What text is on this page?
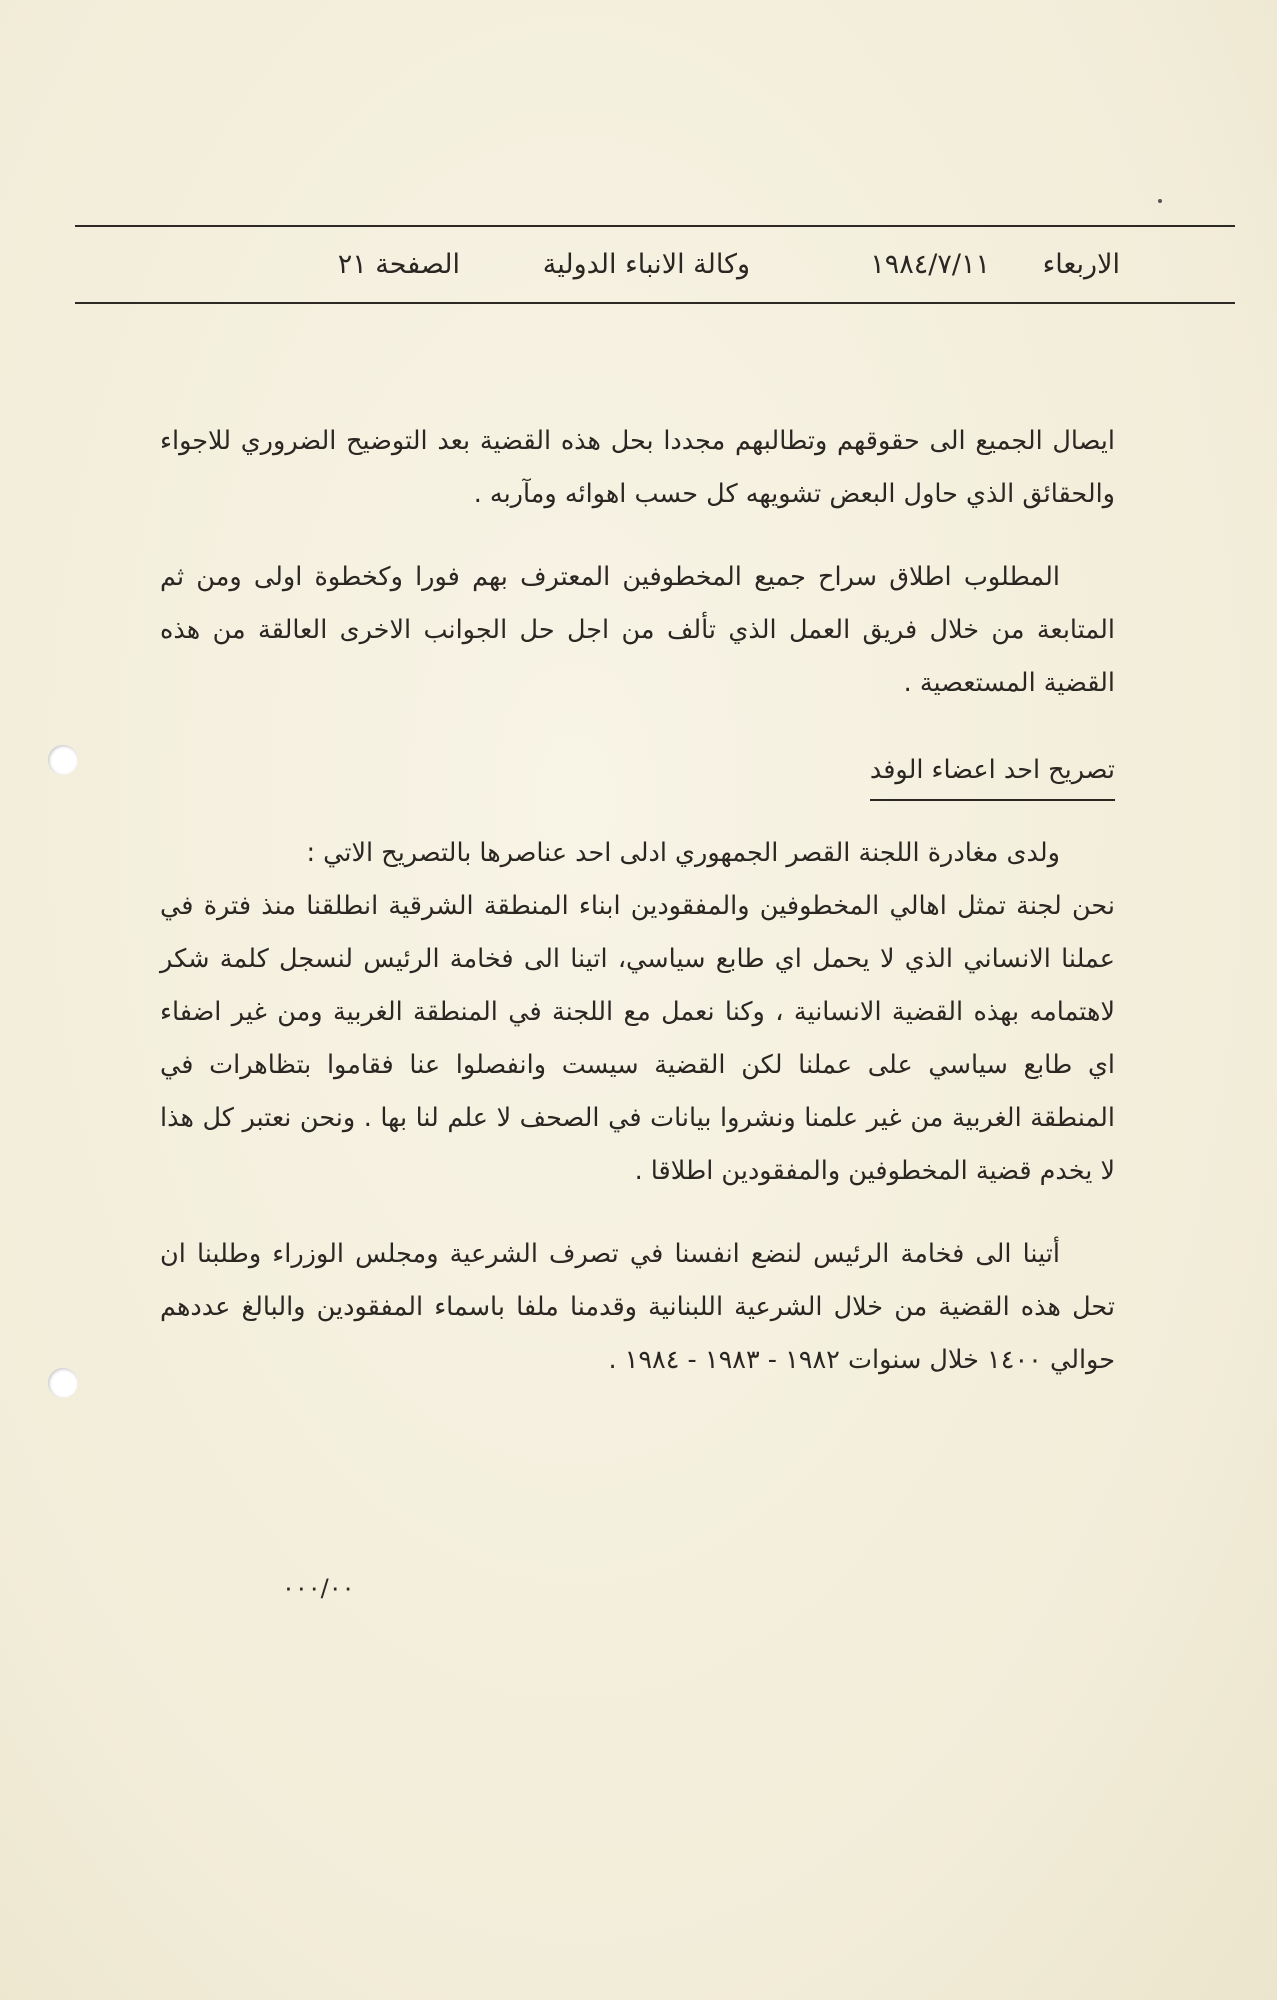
الاربعاء
١٩٨٤/٧/١١
وكالة الانباء الدولية
الصفحة ٢١

ايصال الجميع الى حقوقهم وتطالبهم مجددا بحل هذه القضية بعد التوضيح الضروري للاجواء والحقائق الذي حاول البعض تشويهه كل حسب اهوائه ومآربه .

المطلوب اطلاق سراح جميع المخطوفين المعترف بهم فورا وكخطوة اولى ومن ثم المتابعة من خلال فريق العمل الذي تألف من اجل حل الجوانب الاخرى العالقة من هذه القضية المستعصية .

تصريح احد اعضاء الوفد

ولدى مغادرة اللجنة القصر الجمهوري ادلى احد عناصرها بالتصريح الاتي :

نحن لجنة تمثل اهالي المخطوفين والمفقودين ابناء المنطقة الشرقية انطلقنا منذ فترة في عملنا الانساني الذي لا يحمل اي طابع سياسي، اتينا الى فخامة الرئيس لنسجل كلمة شكر لاهتمامه بهذه القضية الانسانية ، وكنا نعمل مع اللجنة في المنطقة الغربية ومن غير اضفاء اي طابع سياسي على عملنا لكن القضية سيست وانفصلوا عنا فقاموا بتظاهرات في المنطقة الغربية من غير علمنا ونشروا بيانات في الصحف لا علم لنا بها . ونحن نعتبر كل هذا لا يخدم قضية المخطوفين والمفقودين اطلاقا .

أتينا الى فخامة الرئيس لنضع انفسنا في تصرف الشرعية ومجلس الوزراء وطلبنا ان تحل هذه القضية من خلال الشرعية اللبنانية وقدمنا ملفا باسماء المفقودين والبالغ عددهم حوالي ١٤٠٠ خلال سنوات ١٩٨٢ - ١٩٨٣ - ١٩٨٤ .

٠٠٠/٠٠
